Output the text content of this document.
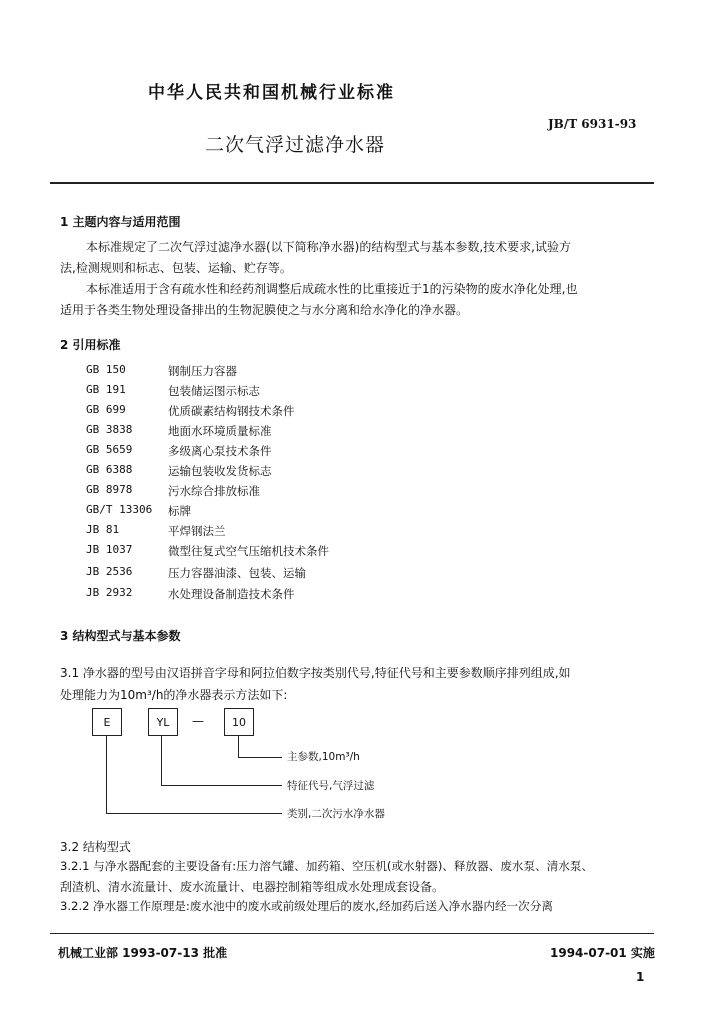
中华人民共和国机械行业标准
JB/T 6931-93
二次气浮过滤净水器
1 主题内容与适用范围
本标准规定了二次气浮过滤净水器(以下简称净水器)的结构型式与基本参数,技术要求,试验方
法,检测规则和标志、包装、运输、贮存等。
本标准适用于含有疏水性和经药剂调整后成疏水性的比重接近于1的污染物的废水净化处理,也
适用于各类生物处理设备排出的生物泥膜使之与水分离和给水净化的净水器。
2 引用标准
GB 150	钢制压力容器
GB 191	包装储运图示标志
GB 699	优质碳素结构钢技术条件
GB 3838	地面水环境质量标准
GB 5659	多级离心泵技术条件
GB 6388	运输包装收发货标志
GB 8978	污水综合排放标准
GB/T 13306 标牌
JB 81	平焊钢法兰
JB 1037	微型往复式空气压缩机技术条件
JB 2536	压力容器油漆、包装、运输
JB 2932	水处理设备制造技术条件
3 结构型式与基本参数
3.1 净水器的型号由汉语拼音字母和阿拉伯数字按类别代号,特征代号和主要参数顺序排列组成,如
处理能力为10m³/h的净水器表示方法如下:
E	YL	—	10
主参数,10m³/h
特征代号,气浮过滤
类别,二次污水净水器
3.2 结构型式
3.2.1 与净水器配套的主要设备有:压力溶气罐、加药箱、空压机(或水射器)、释放器、废水泵、清水泵、
刮渣机、清水流量计、废水流量计、电器控制箱等组成水处理成套设备。
3.2.2 净水器工作原理是:废水池中的废水或前级处理后的废水,经加药后送入净水器内经一次分离
机械工业部 1993-07-13 批准	1994-07-01 实施
1
